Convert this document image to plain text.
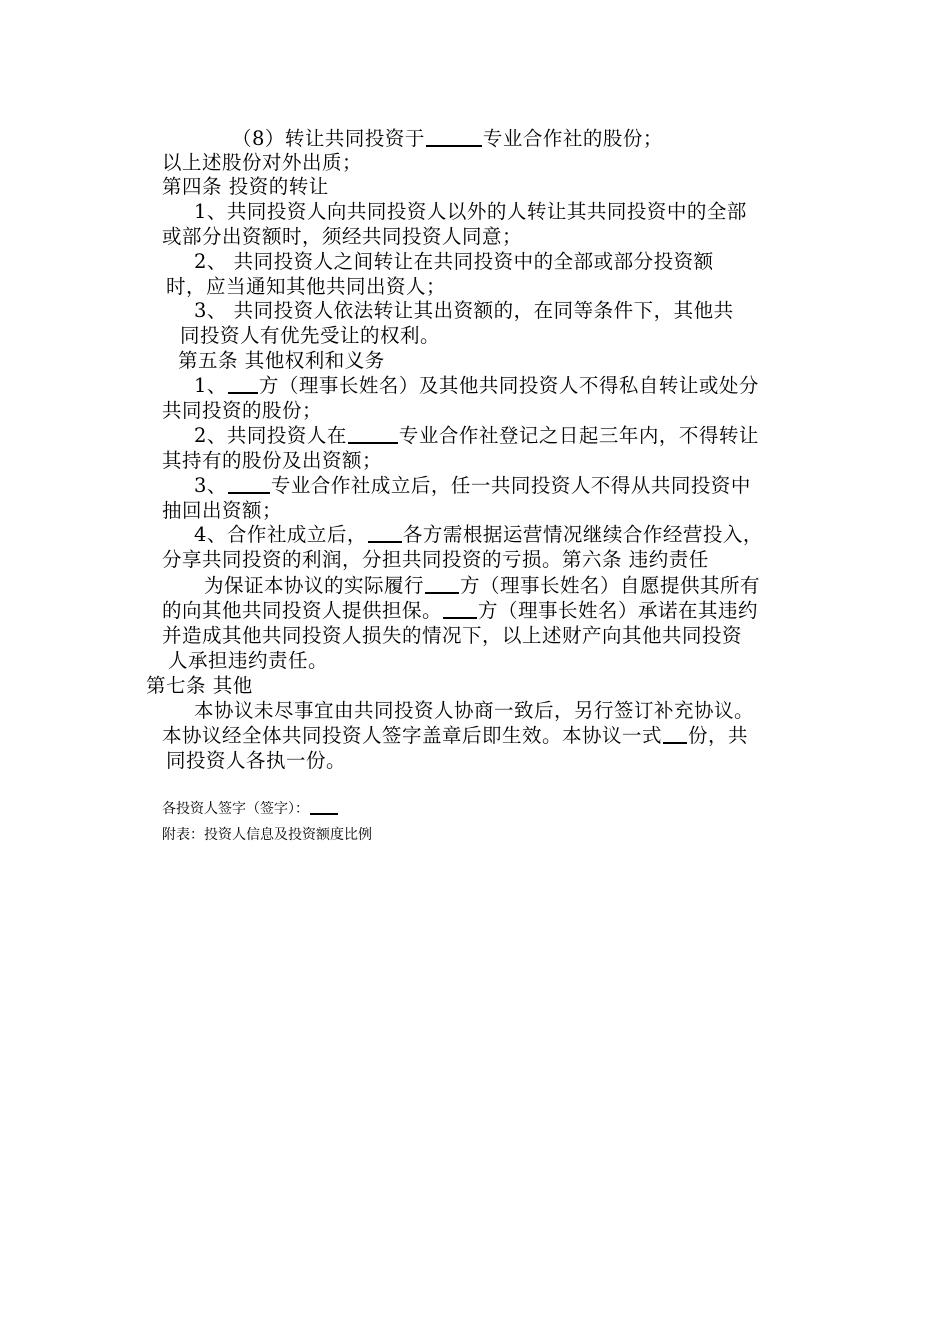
（8）转让共同投资于	专业合作社的股份；
以上述股份对外出质；
第四条 投资的转让
1、共同投资人向共同投资人以外的人转让其共同投资中的全部
或部分出资额时，须经共同投资人同意；
2、 共同投资人之间转让在共同投资中的全部或部分投资额
时，应当通知其他共同出资人；
3、 共同投资人依法转让其出资额的，在同等条件下，其他共
同投资人有优先受让的权利。
第五条 其他权利和义务
1、 方（理事长姓名）及其他共同投资人不得私自转让或处分
共同投资的股份；
2、共同投资人在	专业合作社登记之日起三年内，不得转让
其持有的股份及出资额；
3、 专业合作社成立后，任一共同投资人不得从共同投资中
抽回出资额；
4、合作社成立后， 各方需根据运营情况继续合作经营投入，
分享共同投资的利润，分担共同投资的亏损。第六条 违约责任
为保证本协议的实际履行 方（理事长姓名）自愿提供其所有
的向其他共同投资人提供担保。 方（理事长姓名）承诺在其违约
并造成其他共同投资人损失的情况下，以上述财产向其他共同投资
人承担违约责任。
第七条 其他
本协议未尽事宜由共同投资人协商一致后，另行签订补充协议。
本协议经全体共同投资人签字盖章后即生效。本协议一式 份，共
同投资人各执一份。
各投资人签字（签字）：
附表：投资人信息及投资额度比例
